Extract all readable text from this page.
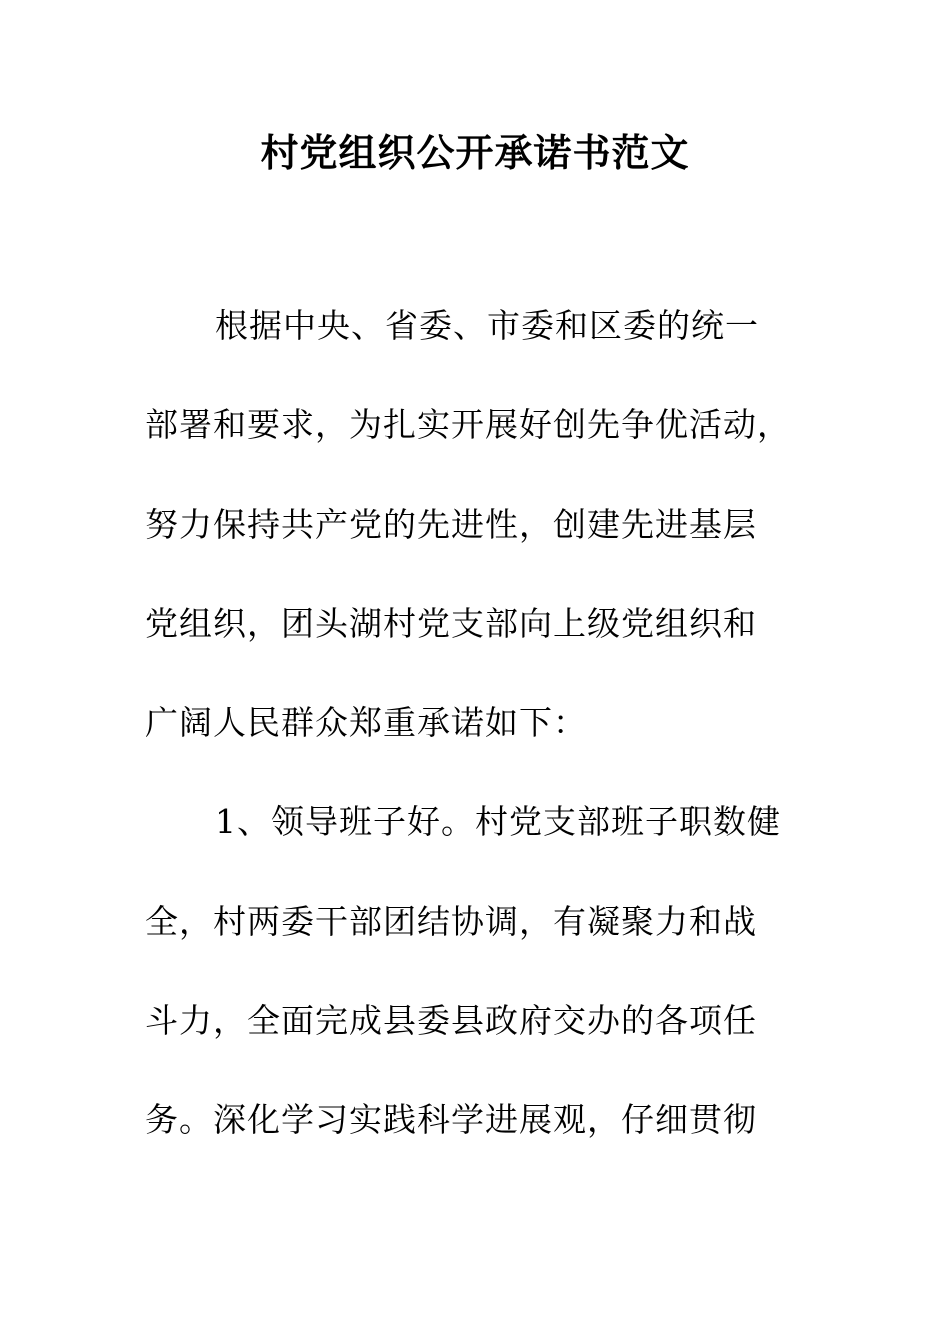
村党组织公开承诺书范文
根据中央、省委、市委和区委的统一
部署和要求，为扎实开展好创先争优活动，
努力保持共产党的先进性，创建先进基层
党组织，团头湖村党支部向上级党组织和
广阔人民群众郑重承诺如下：
1、领导班子好。村党支部班子职数健
全，村两委干部团结协调，有凝聚力和战
斗力，全面完成县委县政府交办的各项任
务。深化学习实践科学进展观，仔细贯彻
